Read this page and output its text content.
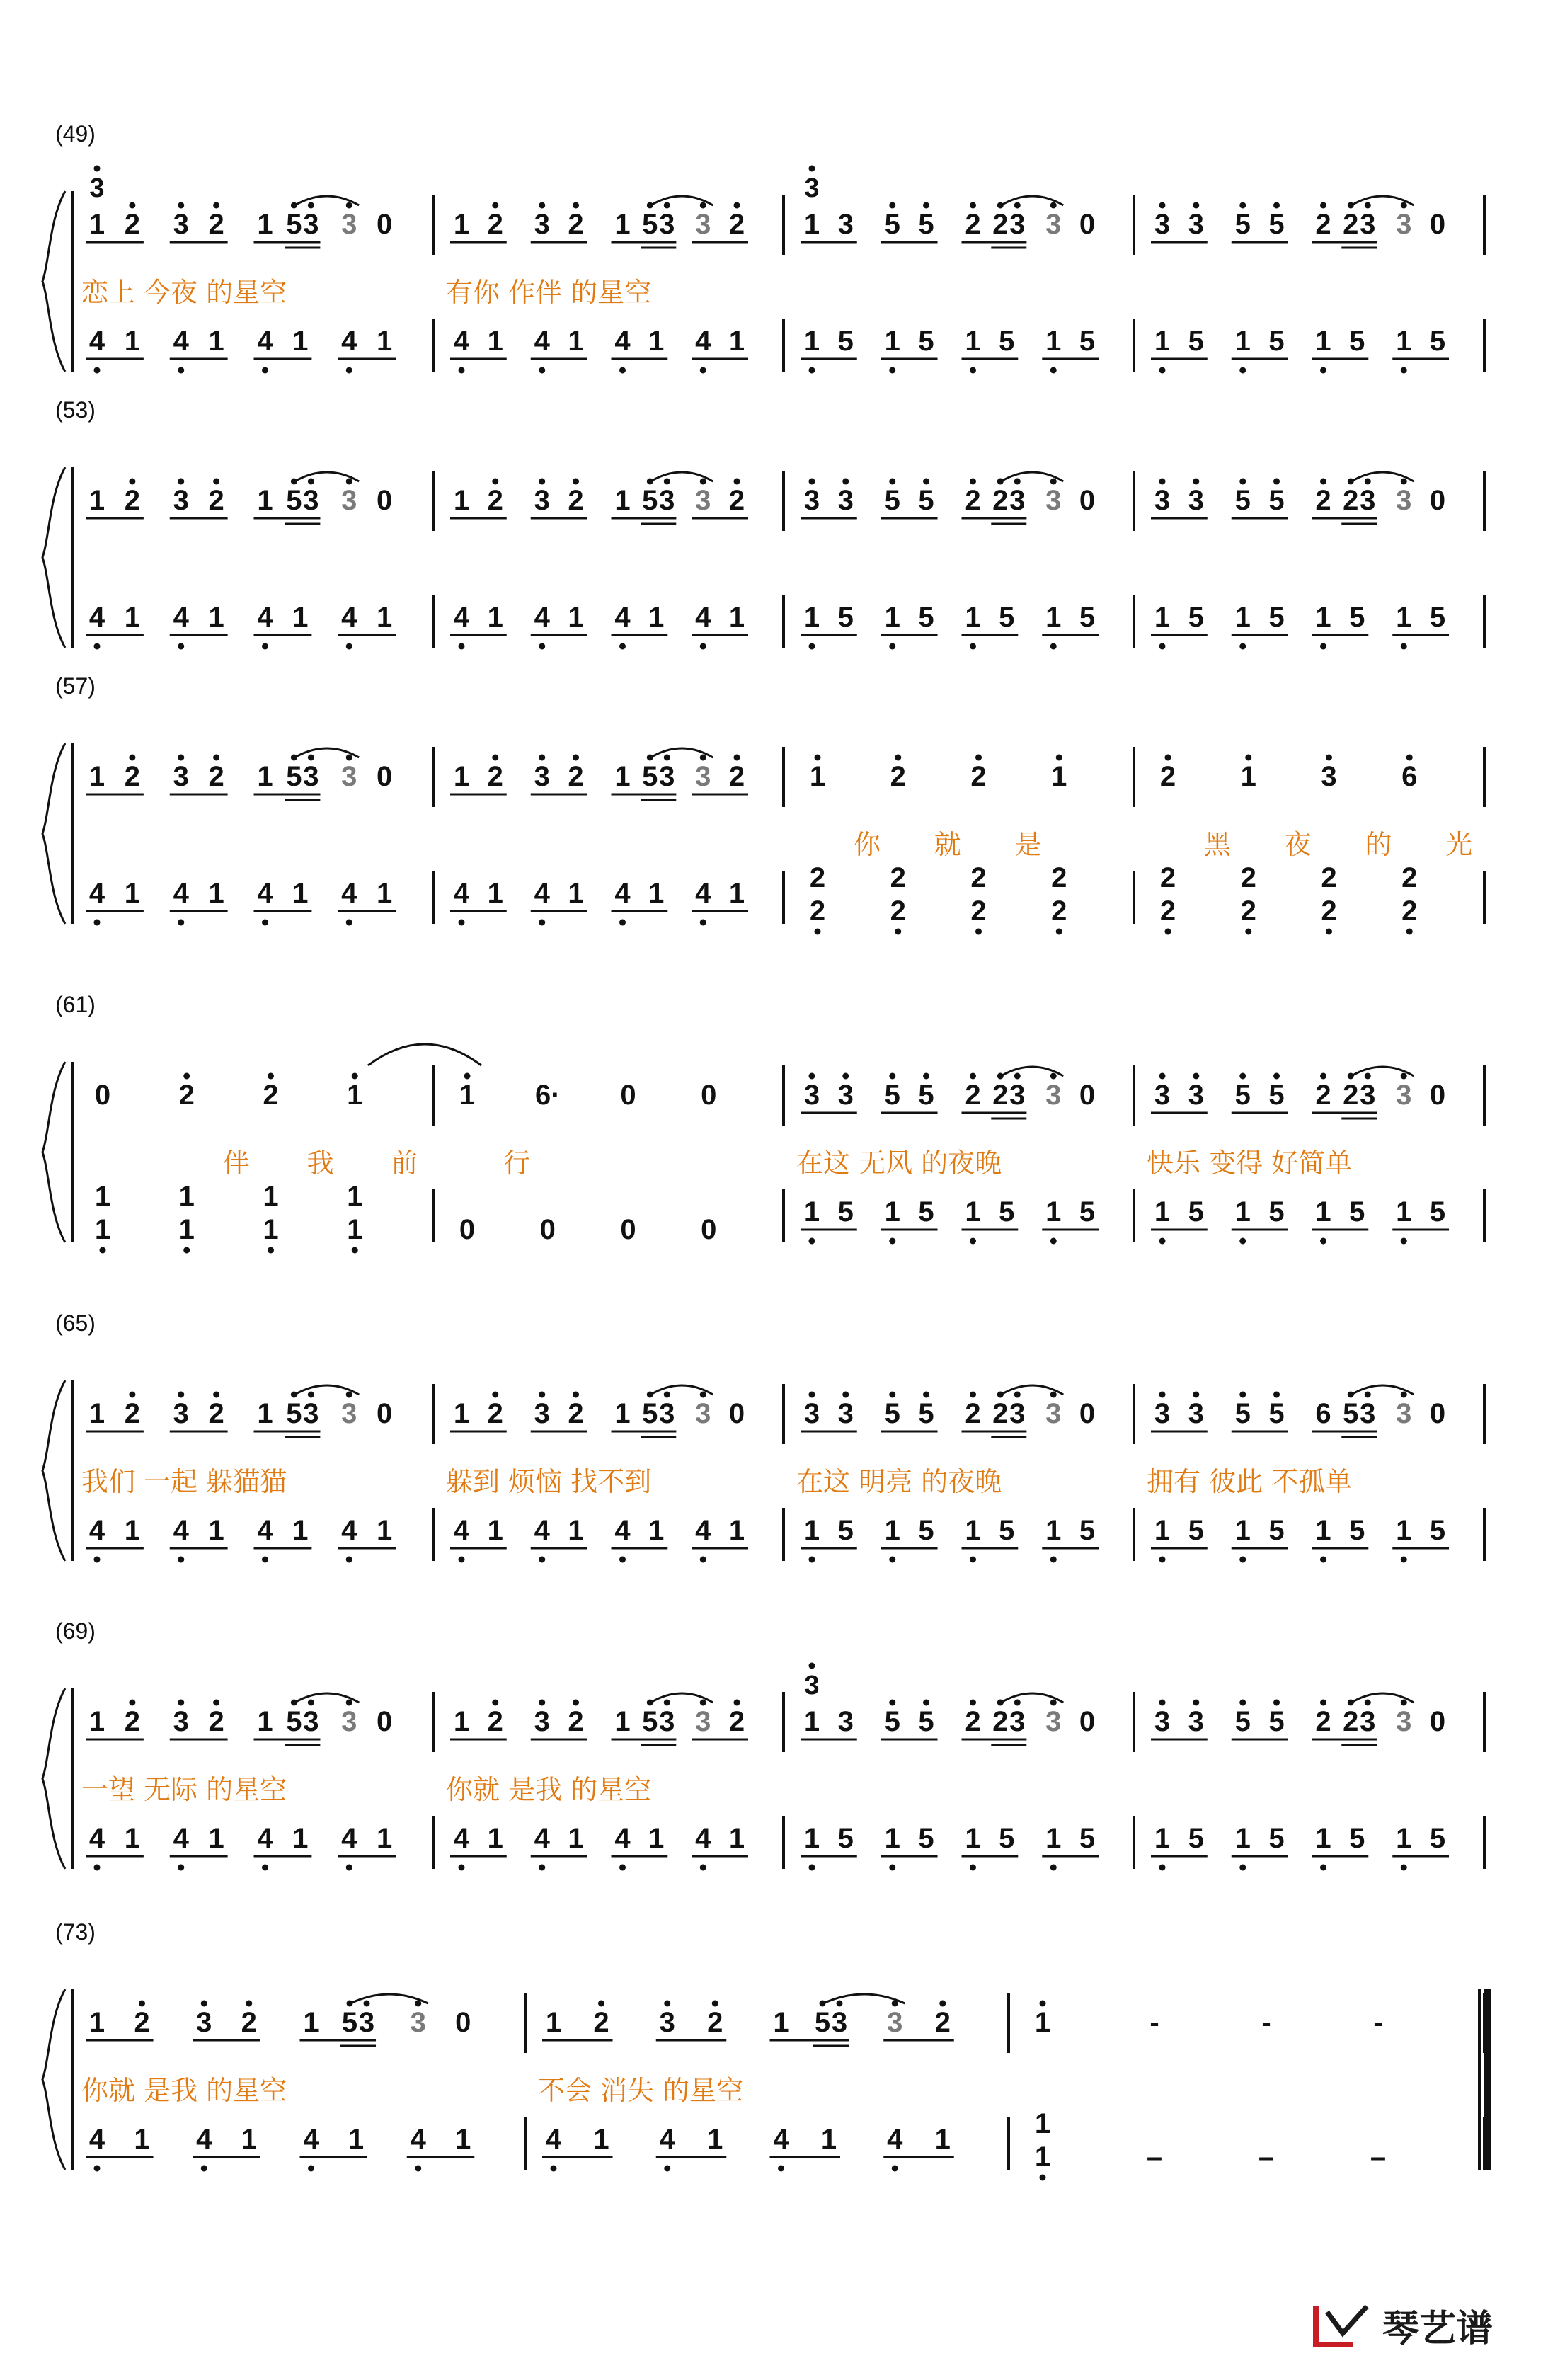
(49)
1 2 3 2 1 5 3 3 0
3
恋上 今夜 的星空
4 1 4 1 4 1 4 1
1 2 3 2 1 5 3 3 2
有你 作伴 的星空
4 1 4 1 4 1 4 1
1 3 5 5 2 2 3 3 0
3
1 5 1 5 1 5 1 5
3 3 5 5 2 2 3 3 0
1 5 1 5 1 5 1 5
(53)
1 2 3 2 1 5 3 3 0
4 1 4 1 4 1 4 1
1 2 3 2 1 5 3 3 2
4 1 4 1 4 1 4 1
3 3 5 5 2 2 3 3 0
1 5 1 5 1 5 1 5
3 3 5 5 2 2 3 3 0
1 5 1 5 1 5 1 5
(57)
1 2 3 2 1 5 3 3 0
4 1 4 1 4 1 4 1
1 2 3 2 1 5 3 3 2
4 1 4 1 4 1 4 1
1
你
2
2
2
就
2
2
2
是
2
2
1
2
2
2
黑
2
2
1
夜
2
2
3
的
2
2
6
光
2
2
(61)
0
1
1
2
伴
1
1
2
我
1
1
1
前
1
1
1
行
0
6·
0
0
0
0
0
3 3 5 5 2 2 3 3 0
在这 无风 的夜晚
1 5 1 5 1 5 1 5
3 3 5 5 2 2 3 3 0
快乐 变得 好简单
1 5 1 5 1 5 1 5
(65)
1 2 3 2 1 5 3 3 0
我们 一起 躲猫猫
4 1 4 1 4 1 4 1
1 2 3 2 1 5 3 3 0
躲到 烦恼 找不到
4 1 4 1 4 1 4 1
3 3 5 5 2 2 3 3 0
在这 明亮 的夜晚
1 5 1 5 1 5 1 5
3 3 5 5 6 5 3 3 0
拥有 彼此 不孤单
1 5 1 5 1 5 1 5
(69)
1 2 3 2 1 5 3 3 0
一望 无际 的星空
4 1 4 1 4 1 4 1
1 2 3 2 1 5 3 3 2
你就 是我 的星空
4 1 4 1 4 1 4 1
1 3 5 5 2 2 3 3 0
3
1 5 1 5 1 5 1 5
3 3 5 5 2 2 3 3 0
1 5 1 5 1 5 1 5
(73)
1 2 3 2 1 5 3 3 0
你就 是我 的星空
4 1 4 1 4 1 4 1
1 2 3 2 1 5 3 3 2
不会 消失 的星空
4 1 4 1 4 1 4 1
1
1
1
-
–
-
–
-
–
琴艺谱
